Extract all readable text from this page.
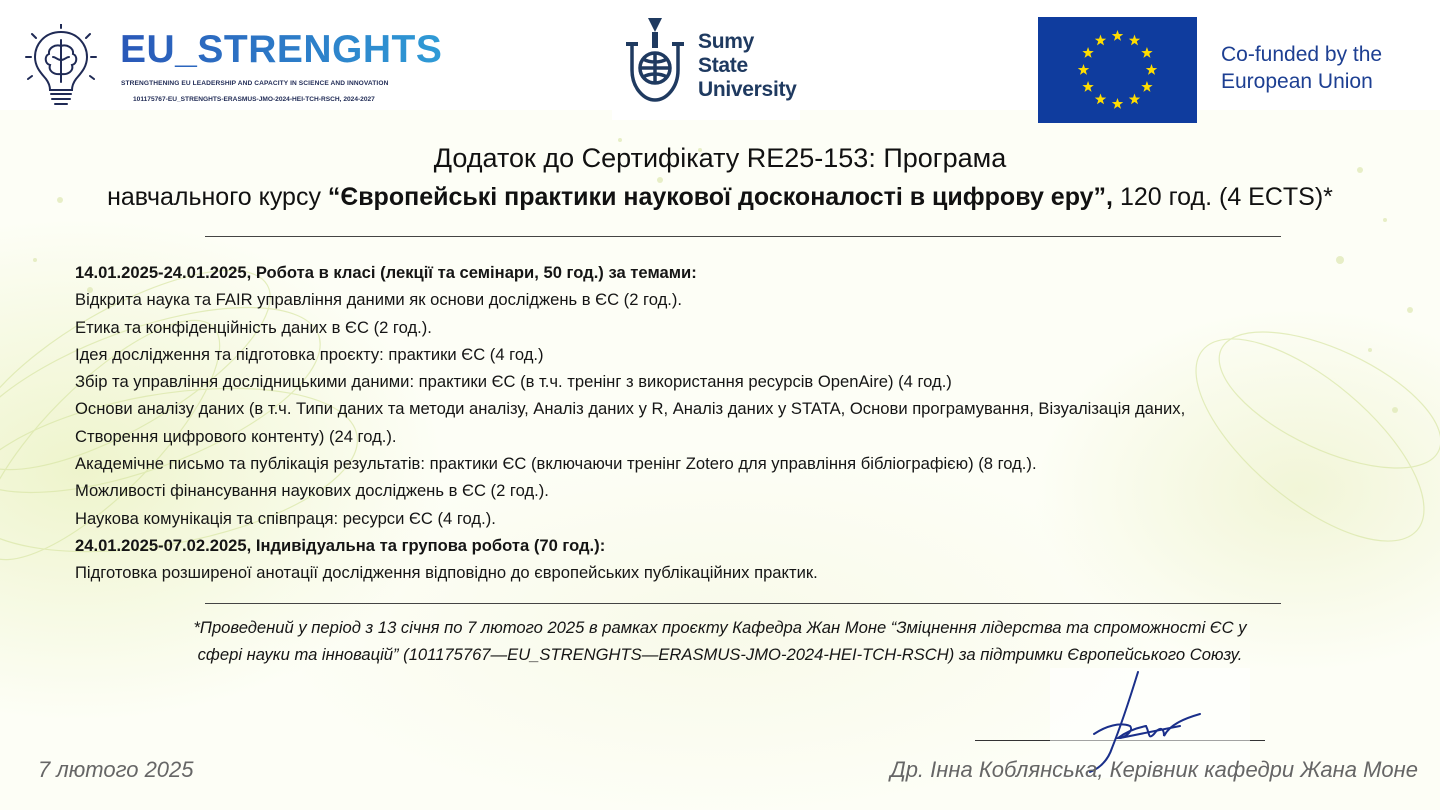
EU_STRENGHTS
STRENGTHENING EU LEADERSHIP AND CAPACITY IN SCIENCE AND INNOVATION
101175767-EU_STRENGHTS-ERASMUS-JMO-2024-HEI-TCH-RSCH, 2024-2027
Sumy
State
University
Co-funded by the
European Union
Додаток до Сертифікату RE25-153: Програма
навчального курсу “Європейські практики наукової досконалості в цифрову еру”, 120 год. (4 ECTS)*
14.01.2025-24.01.2025, Робота в класі (лекції та семінари, 50 год.) за темами:
Відкрита наука та FAIR управління даними як основи досліджень в ЄС (2 год.).
Етика та конфіденційність даних в ЄС (2 год.).
Ідея дослідження та підготовка проєкту: практики ЄС (4 год.)
Збір та управління дослідницькими даними: практики ЄС (в т.ч. тренінг з використання ресурсів OpenAire) (4 год.)
Основи аналізу даних (в т.ч. Типи даних та методи аналізу, Аналіз даних у R, Аналіз даних у STATA, Основи програмування, Візуалізація даних,
Створення цифрового контенту) (24 год.).
Академічне письмо та публікація результатів: практики ЄС (включаючи тренінг Zotero для управління бібліографією) (8 год.).
Можливості фінансування наукових досліджень в ЄС (2 год.).
Наукова комунікація та співпраця: ресурси ЄС (4 год.).
24.01.2025-07.02.2025, Індивідуальна та групова робота (70 год.):
Підготовка розширеної анотації дослідження відповідно до європейських публікаційних практик.
*Проведений у період з 13 січня по 7 лютого 2025 в рамках проєкту Кафедра Жан Моне “Зміцнення лідерства та спроможності ЄС у
сфері науки та інновацій” (101175767—EU_STRENGHTS—ERASMUS-JMO-2024-HEI-TCH-RSCH) за підтримки Європейського Союзу.
7 лютого 2025	Др. Інна Коблянська, Керівник кафедри Жана Моне
